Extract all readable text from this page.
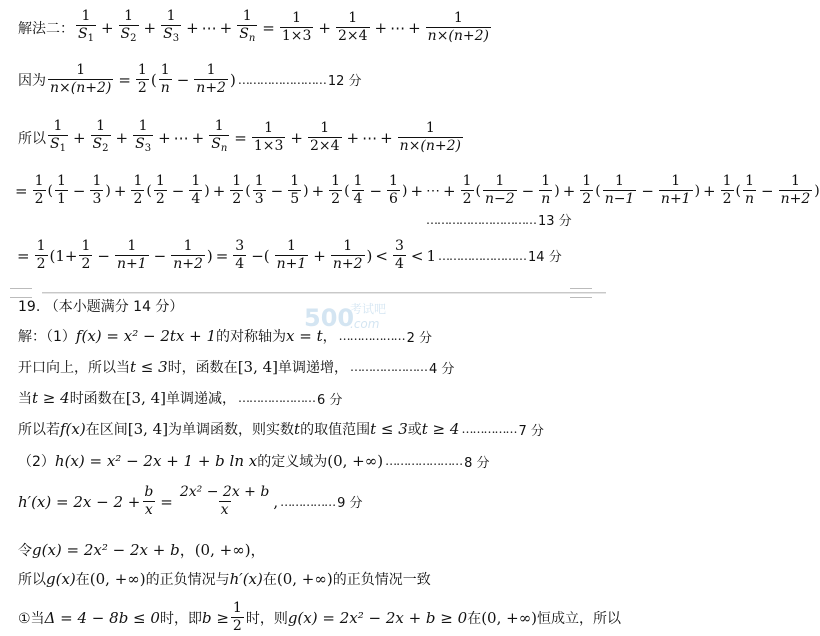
解法二： $\frac{1}{S_1} + \frac{1}{S_2} + \frac{1}{S_3}$ + ⋯ + $\frac{1}{S_n} = \frac{1}{1\times 3} + \frac{1}{2\times 4}$ + ⋯ + $\frac{1}{n\times(n+2)}$
因为 $\frac{1}{n\times(n+2)} = \frac{1}{2}$ ( $\frac{1}{n} - \frac{1}{n+2}$ ) …………………… 12 分
所以 $\frac{1}{S_1} + \frac{1}{S_2} + \frac{1}{S_3}$ + ⋯ + $\frac{1}{S_n} = \frac{1}{1\times 3} + \frac{1}{2\times 4}$ + ⋯ + $\frac{1}{n\times(n+2)}$
= $\frac{1}{2}$ ( $\frac{1}{1} - \frac{1}{3}$ ) + $\frac{1}{2}$ ( $\frac{1}{2} - \frac{1}{4}$ ) + $\frac{1}{2}$ ( $\frac{1}{3} - \frac{1}{5}$ ) + $\frac{1}{2}$ ( $\frac{1}{4} - \frac{1}{6}$ ) + ⋯ + $\frac{1}{2}$ ( $\frac{1}{n-2} - \frac{1}{n}$ ) + $\frac{1}{2}$ ( $\frac{1}{n-1} - \frac{1}{n+1}$ ) + $\frac{1}{2}$ ( $\frac{1}{n} - \frac{1}{n+2}$ )
………………………… 13 分
= $\frac{1}{2} (1+ \frac{1}{2} - \frac{1}{n+1} - \frac{1}{n+2}$ ) = $\frac{3}{4}$ −( $\frac{1}{n+1} + \frac{1}{n+2}$ ) < $\frac{3}{4} < 1$ …………………… 14 分
500
考试吧
.com
19. （本小题满分 14 分）
解：（1） f(x) = x² − 2tx + 1 的对称轴为 x = t ， ……………… 2 分
开口向上，所以当 t ≤ 3 时，函数在 [3, 4] 单调递增， ………………… 4 分
当 t ≥ 4 时函数在 [3, 4] 单调递减， ………………… 6 分
所以若 f(x) 在区间 [3, 4] 为单调函数，则实数 t 的取值范围 t ≤ 3 或 t ≥ 4 …………… 7 分
（2） h(x) = x² − 2x + 1 + b ln x 的定义域为 (0, +∞) ………………… 8 分
$h'(x) = 2x - 2 + \frac{b}{x} = \frac{\text{2x² − 2x + b}}{x}$ , …………… 9 分
令 g(x) = 2x² − 2x + b ，(0, +∞)，
所以 g(x) 在 (0, +∞) 的正负情况与 h′(x) 在 (0, +∞) 的正负情况一致
①当 Δ = 4 − 8b ≤ 0 时，即 $b \ge \frac{1}{2}$ 时，则 g(x) = 2x² − 2x + b ≥ 0 在 (0, +∞) 恒成立，所以
